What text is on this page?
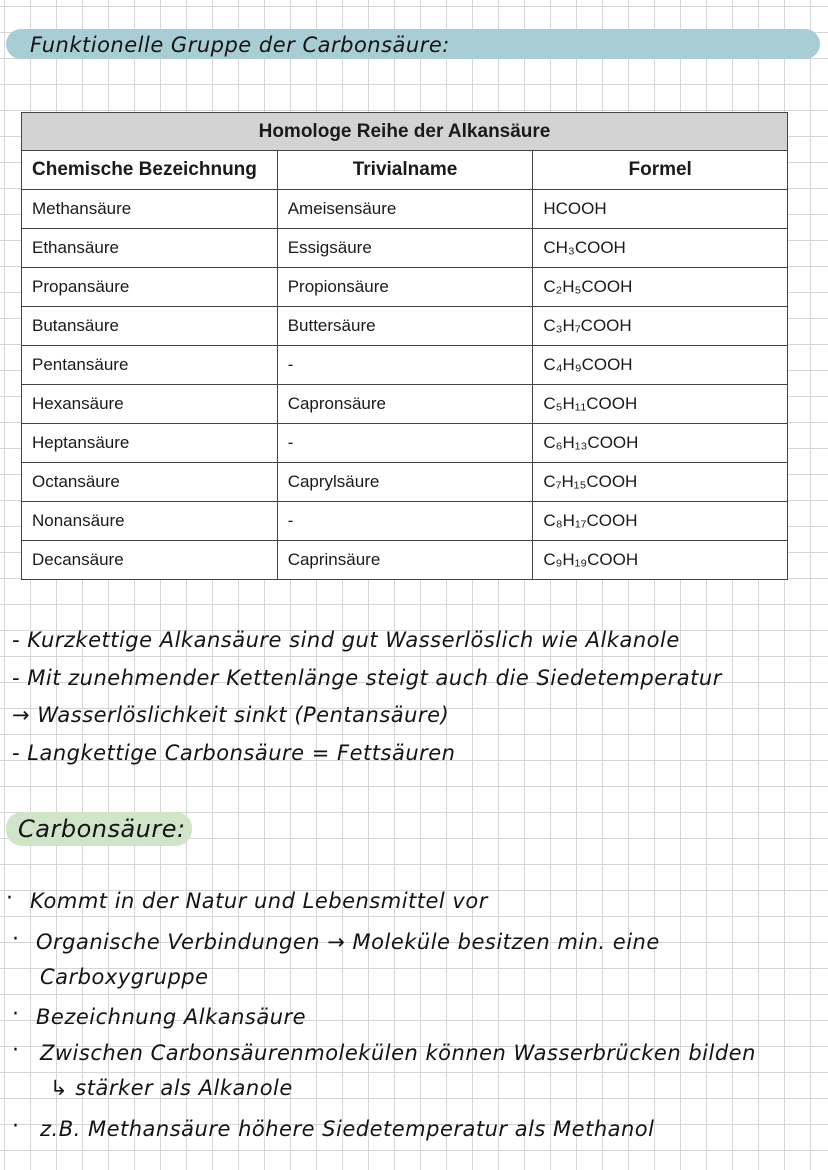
Funktionelle Gruppe der Carbonsäure:
Homologe Reihe der Alkansäure		
Chemische Bezeichnung	Trivialname	Formel
Methansäure	Ameisensäure	HCOOH
Ethansäure	Essigsäure	CH₃COOH
Propansäure	Propionsäure	C₂H₅COOH
Butansäure	Buttersäure	C₃H₇COOH
Pentansäure	-	C₄H₉COOH
Hexansäure	Capronsäure	C₅H₁₁COOH
Heptansäure	-	C₆H₁₃COOH
Octansäure	Caprylsäure	C₇H₁₅COOH
Nonansäure	-	C₈H₁₇COOH
Decansäure	Caprinsäure	C₉H₁₉COOH
- Kurzkettige Alkansäure sind gut Wasserlöslich wie Alkanole
- Mit zunehmender Kettenlänge steigt auch die Siedetemperatur
→ Wasserlöslichkeit sinkt (Pentansäure)
- Langkettige Carbonsäure = Fettsäuren
Carbonsäure:
· Kommt in der Natur und Lebensmittel vor
· Organische Verbindungen → Moleküle besitzen min. eine
Carboxygruppe
· Bezeichnung Alkansäure
· Zwischen Carbonsäurenmolekülen können Wasserbrücken bilden
↳ stärker als Alkanole
· z.B. Methansäure höhere Siedetemperatur als Methanol
